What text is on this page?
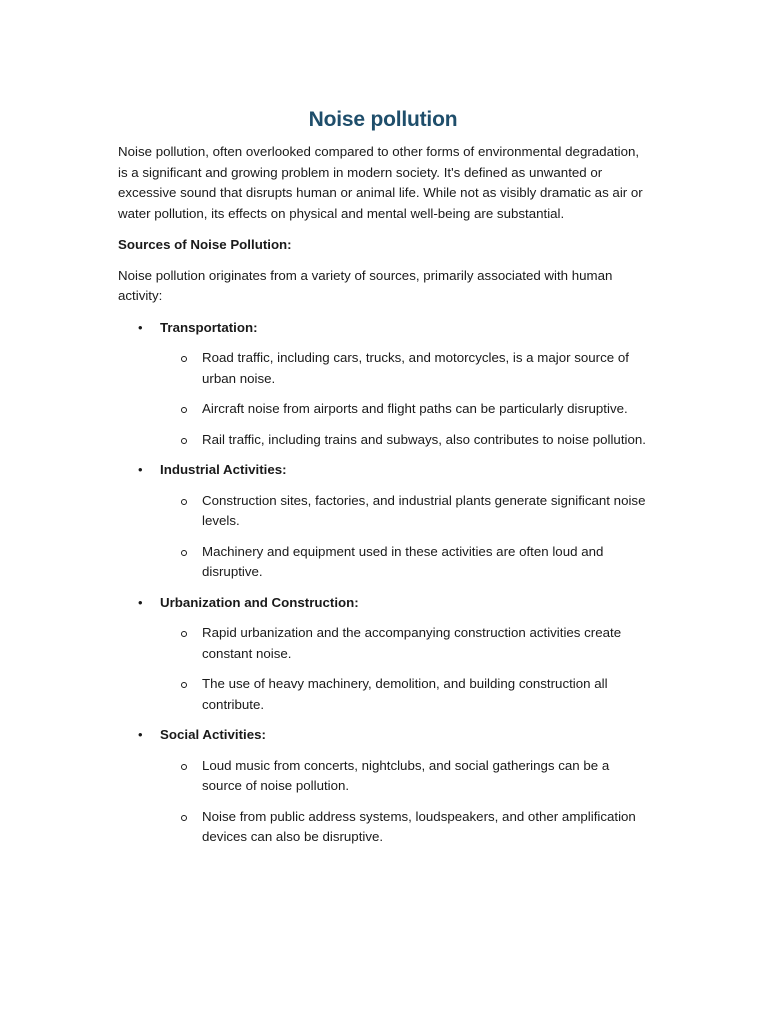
Noise pollution

Noise pollution, often overlooked compared to other forms of environmental degradation, is a significant and growing problem in modern society. It's defined as unwanted or excessive sound that disrupts human or animal life. While not as visibly dramatic as air or water pollution, its effects on physical and mental well-being are substantial.

Sources of Noise Pollution:

Noise pollution originates from a variety of sources, primarily associated with human activity:

• Transportation:
Road traffic, including cars, trucks, and motorcycles, is a major source of urban noise.
Aircraft noise from airports and flight paths can be particularly disruptive.
Rail traffic, including trains and subways, also contributes to noise pollution.
• Industrial Activities:
Construction sites, factories, and industrial plants generate significant noise levels.
Machinery and equipment used in these activities are often loud and disruptive.
• Urbanization and Construction:
Rapid urbanization and the accompanying construction activities create constant noise.
The use of heavy machinery, demolition, and building construction all contribute.
• Social Activities:
Loud music from concerts, nightclubs, and social gatherings can be a source of noise pollution.
Noise from public address systems, loudspeakers, and other amplification devices can also be disruptive.
